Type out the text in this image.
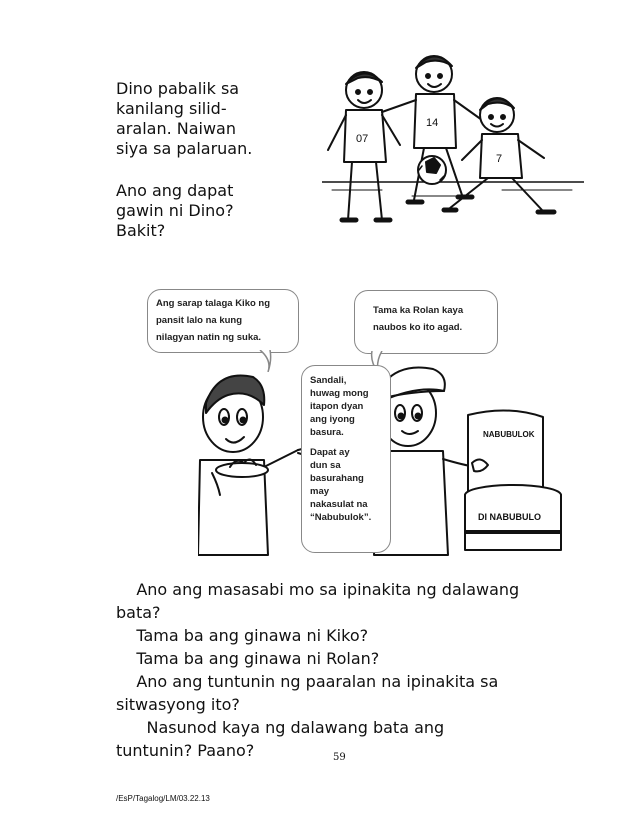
Dino pabalik sa

kanilang silid-

aralan. Naiwan

siya sa palaruan.

Ano ang dapat

gawin ni Dino?

Bakit?

07
14
7
NABUBULOK
DI NABUBULO
Ang sarap talaga Kiko ng
pansit lalo na kung
nilagyan natin ng suka.
Tama ka Rolan kaya
naubos ko ito agad.

Sandali,

huwag mong

itapon dyan

ang iyong

basura.

Dapat ay

dun sa

basurahang

may

nakasulat na

“Nabubulok”.

Ano ang masasabi mo sa ipinakita ng dalawang
bata?
Tama ba ang ginawa ni Kiko?
Tama ba ang ginawa ni Rolan?
Ano ang tuntunin ng paaralan na ipinakita sa
sitwasyong ito?
Nasunod kaya ng dalawang bata ang
tuntunin? Paano?	59
/EsP/Tagalog/LM/03.22.13
